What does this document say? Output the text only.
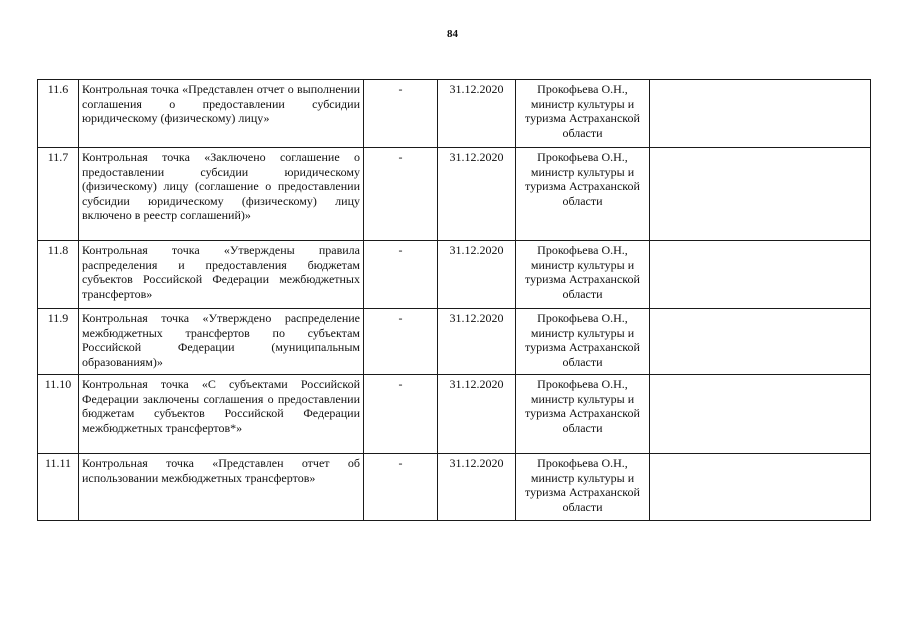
84
11.6	Контрольная точка «Представлен отчет о выполнении соглашения о предоставлении субсидии юридическому (физическому) лицу»	-	31.12.2020	Прокофьева О.Н., министр культуры и туризма Астраханской области	
11.7	Контрольная точка «Заключено соглашение о предоставлении субсидии юридическому (физическому) лицу (соглашение о предоставлении субсидии юридическому (физическому) лицу включено в реестр соглашений)»	-	31.12.2020	Прокофьева О.Н., министр культуры и туризма Астраханской области	
11.8	Контрольная точка «Утверждены правила распределения и предоставления бюджетам субъектов Российской Федерации межбюджетных трансфертов»	-	31.12.2020	Прокофьева О.Н., министр культуры и туризма Астраханской области	
11.9	Контрольная точка «Утверждено распределение межбюджетных трансфертов по субъектам Российской Федерации (муниципальным образованиям)»	-	31.12.2020	Прокофьева О.Н., министр культуры и туризма Астраханской области	
11.10	Контрольная точка «С субъектами Российской Федерации заключены соглашения о предоставлении бюджетам субъектов Российской Федерации межбюджетных трансфертов*»	-	31.12.2020	Прокофьева О.Н., министр культуры и туризма Астраханской области	
11.11	Контрольная точка «Представлен отчет об использовании межбюджетных трансфертов»	-	31.12.2020	Прокофьева О.Н., министр культуры и туризма Астраханской области	
